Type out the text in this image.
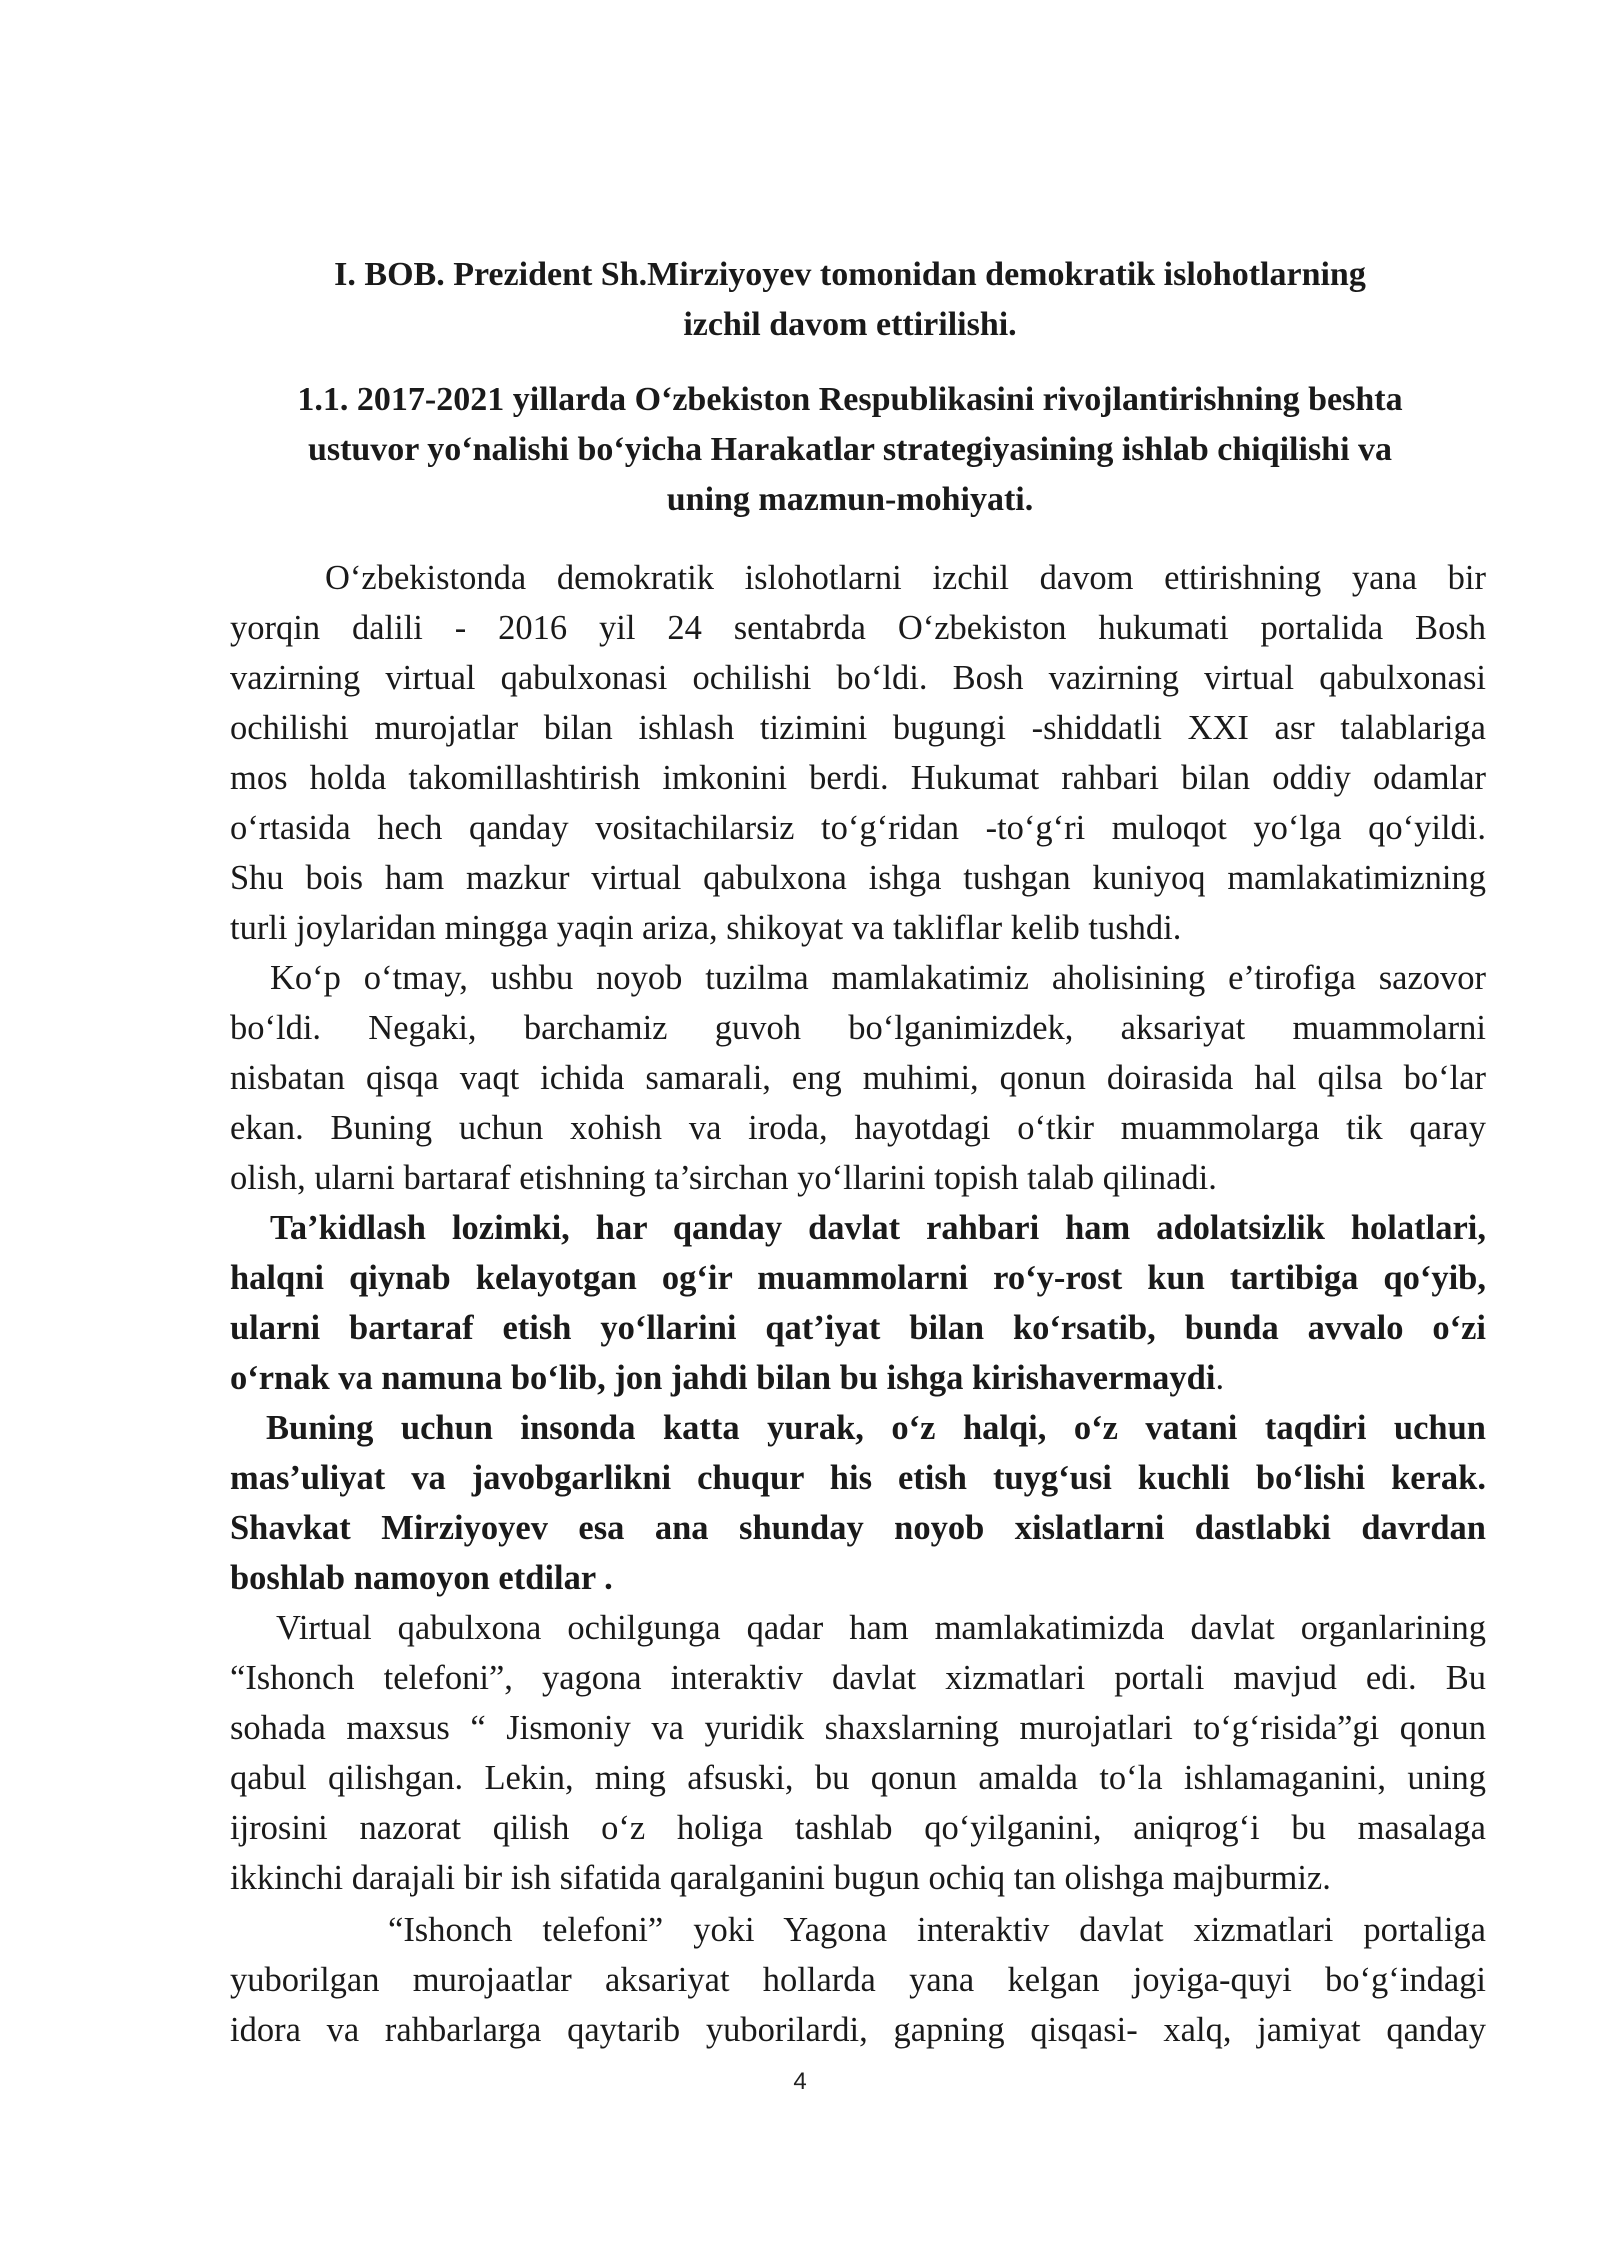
I. BOB. Prezident Sh.Mirziyoyev tomonidan demokratik islohotlarning
izchil davom ettirilishi.
1.1. 2017-2021 yillarda O‘zbekiston Respublikasini rivojlantirishning beshta
ustuvor yo‘nalishi bo‘yicha Harakatlar strategiyasining ishlab chiqilishi va
uning mazmun-mohiyati.
O‘zbekistonda demokratik islohotlarni izchil davom ettirishning yana bir
yorqin dalili - 2016 yil 24 sentabrda O‘zbekiston hukumati portalida Bosh
vazirning virtual qabulxonasi ochilishi bo‘ldi. Bosh vazirning virtual qabulxonasi
ochilishi murojatlar bilan ishlash tizimini bugungi -shiddatli XXI asr talablariga
mos holda takomillashtirish imkonini berdi. Hukumat rahbari bilan oddiy odamlar
o‘rtasida hech qanday vositachilarsiz to‘g‘ridan -to‘g‘ri muloqot yo‘lga qo‘yildi.
Shu bois ham mazkur virtual qabulxona ishga tushgan kuniyoq mamlakatimizning
turli joylaridan mingga yaqin ariza, shikoyat va takliflar kelib tushdi.
Ko‘p o‘tmay, ushbu noyob tuzilma mamlakatimiz aholisining e’tirofiga sazovor
bo‘ldi. Negaki, barchamiz guvoh bo‘lganimizdek, aksariyat muammolarni
nisbatan qisqa vaqt ichida samarali, eng muhimi, qonun doirasida hal qilsa bo‘lar
ekan. Buning uchun xohish va iroda, hayotdagi o‘tkir muammolarga tik qaray
olish, ularni bartaraf etishning ta’sirchan yo‘llarini topish talab qilinadi.
Ta’kidlash lozimki, har qanday davlat rahbari ham adolatsizlik holatlari,
halqni qiynab kelayotgan og‘ir muammolarni ro‘y-rost kun tartibiga qo‘yib,
ularni bartaraf etish yo‘llarini qat’iyat bilan ko‘rsatib, bunda avvalo o‘zi
o‘rnak va namuna bo‘lib, jon jahdi bilan bu ishga kirishavermaydi.
Buning uchun insonda katta yurak, o‘z halqi, o‘z vatani taqdiri uchun
mas’uliyat va javobgarlikni chuqur his etish tuyg‘usi kuchli bo‘lishi kerak.
Shavkat Mirziyoyev esa ana shunday noyob xislatlarni dastlabki davrdan
boshlab namoyon etdilar .
Virtual qabulxona ochilgunga qadar ham mamlakatimizda davlat organlarining
“Ishonch telefoni”, yagona interaktiv davlat xizmatlari portali mavjud edi. Bu
sohada maxsus “ Jismoniy va yuridik shaxslarning murojatlari to‘g‘risida”gi qonun
qabul qilishgan. Lekin, ming afsuski, bu qonun amalda to‘la ishlamaganini, uning
ijrosini nazorat qilish o‘z holiga tashlab qo‘yilganini, aniqrog‘i bu masalaga
ikkinchi darajali bir ish sifatida qaralganini bugun ochiq tan olishga majburmiz.
“Ishonch telefoni” yoki Yagona interaktiv davlat xizmatlari portaliga
yuborilgan murojaatlar aksariyat hollarda yana kelgan joyiga-quyi bo‘g‘indagi
idora va rahbarlarga qaytarib yuborilardi, gapning qisqasi- xalq, jamiyat qanday
4
